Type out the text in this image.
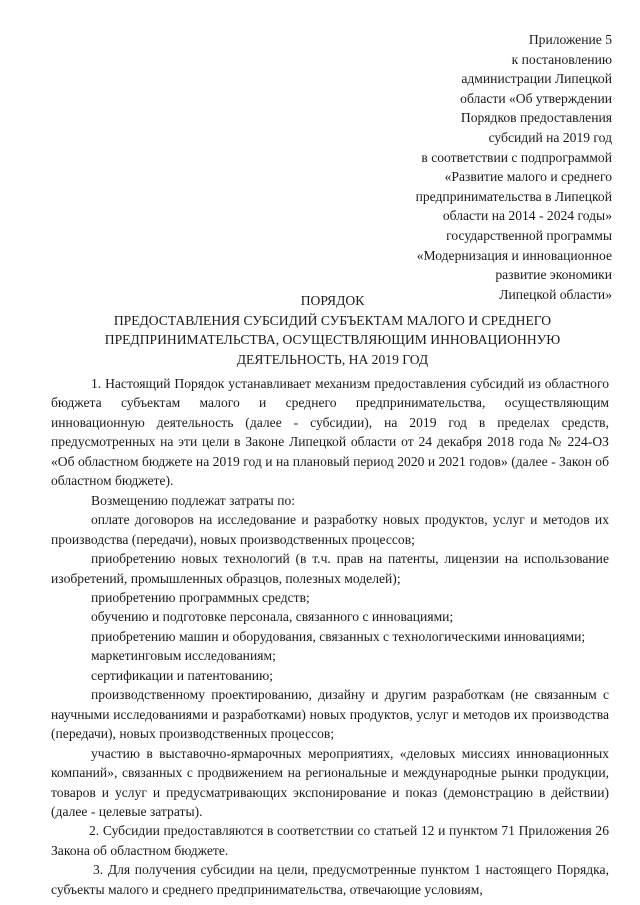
Приложение 5
к постановлению
администрации Липецкой
области «Об утверждении
Порядков предоставления
субсидий на 2019 год
в соответствии с подпрограммой
«Развитие малого и среднего
предпринимательства в Липецкой
области на 2014 - 2024 годы»
государственной программы
«Модернизация и инновационное
развитие экономики
Липецкой области»
ПОРЯДОК
ПРЕДОСТАВЛЕНИЯ СУБСИДИЙ СУБЪЕКТАМ МАЛОГО И СРЕДНЕГО
ПРЕДПРИНИМАТЕЛЬСТВА, ОСУЩЕСТВЛЯЮЩИМ ИННОВАЦИОННУЮ
ДЕЯТЕЛЬНОСТЬ, НА 2019 ГОД

1. Настоящий Порядок устанавливает механизм предоставления субсидий из областного бюджета субъектам малого и среднего предпринимательства, осуществляющим инновационную деятельность (далее - субсидии), на 2019 год в пределах средств, предусмотренных на эти цели в Законе Липецкой области от 24 декабря 2018 года № 224-ОЗ «Об областном бюджете на 2019 год и на плановый период 2020 и 2021 годов» (далее - Закон об областном бюджете).

Возмещению подлежат затраты по:

оплате договоров на исследование и разработку новых продуктов, услуг и методов их производства (передачи), новых производственных процессов;

приобретению новых технологий (в т.ч. прав на патенты, лицензии на использование изобретений, промышленных образцов, полезных моделей);

приобретению программных средств;

обучению и подготовке персонала, связанного с инновациями;

приобретению машин и оборудования, связанных с технологическими инновациями;

маркетинговым исследованиям;

сертификации и патентованию;

производственному проектированию, дизайну и другим разработкам (не связанным с научными исследованиями и разработками) новых продуктов, услуг и методов их производства (передачи), новых производственных процессов;

участию в выставочно-ярмарочных мероприятиях, «деловых миссиях инновационных компаний», связанных с продвижением на региональные и международные рынки продукции, товаров и услуг и предусматривающих экспонирование и показ (демонстрацию в действии) (далее - целевые затраты).

2. Субсидии предоставляются в соответствии со статьей 12 и пунктом 71 Приложения 26 Закона об областном бюджете.

3. Для получения субсидии на цели, предусмотренные пунктом 1 настоящего Порядка, субъекты малого и среднего предпринимательства, отвечающие условиям,
